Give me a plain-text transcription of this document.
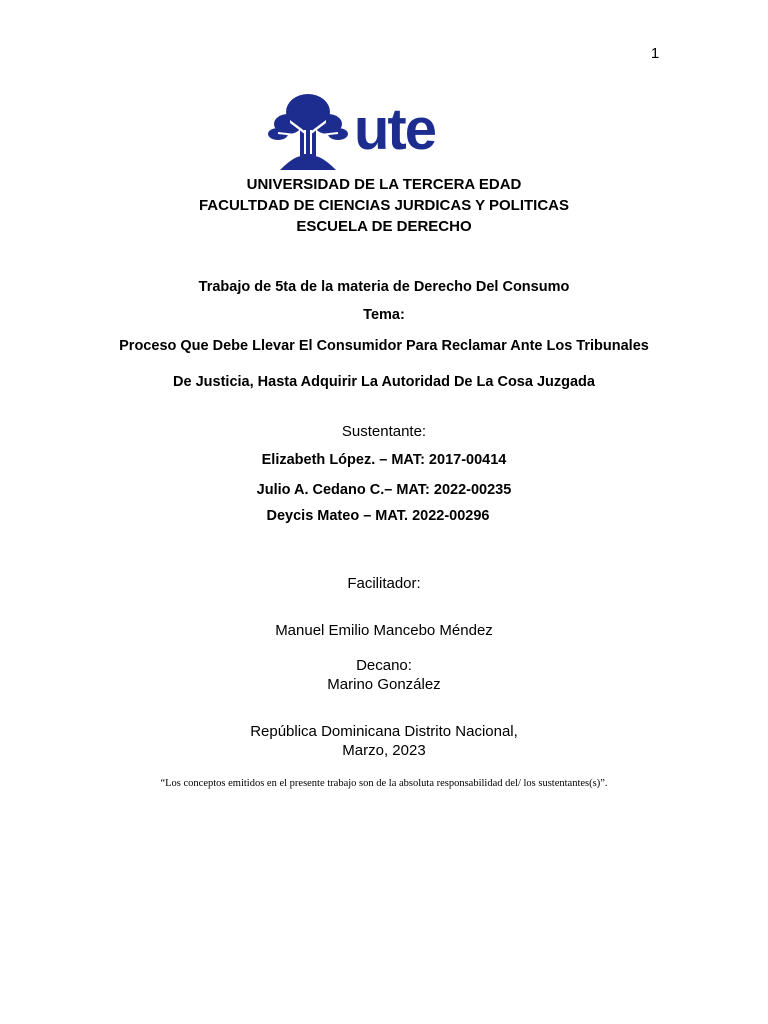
1
ute
UNIVERSIDAD DE LA TERCERA EDAD
FACULTDAD DE CIENCIAS JURDICAS Y POLITICAS
ESCUELA DE DERECHO
Trabajo de 5ta de la materia de Derecho Del Consumo
Tema:
Proceso Que Debe Llevar El Consumidor Para Reclamar Ante Los Tribunales
De Justicia, Hasta Adquirir La Autoridad De La Cosa Juzgada
Sustentante:
Elizabeth López. – MAT: 2017-00414
Julio A. Cedano C.– MAT: 2022-00235
Deycis Mateo – MAT. 2022-00296
Facilitador:
Manuel Emilio Mancebo Méndez
Decano:
Marino González
República Dominicana Distrito Nacional,
Marzo, 2023
“Los conceptos emitidos en el presente trabajo son de la absoluta responsabilidad del/ los sustentantes(s)”.
